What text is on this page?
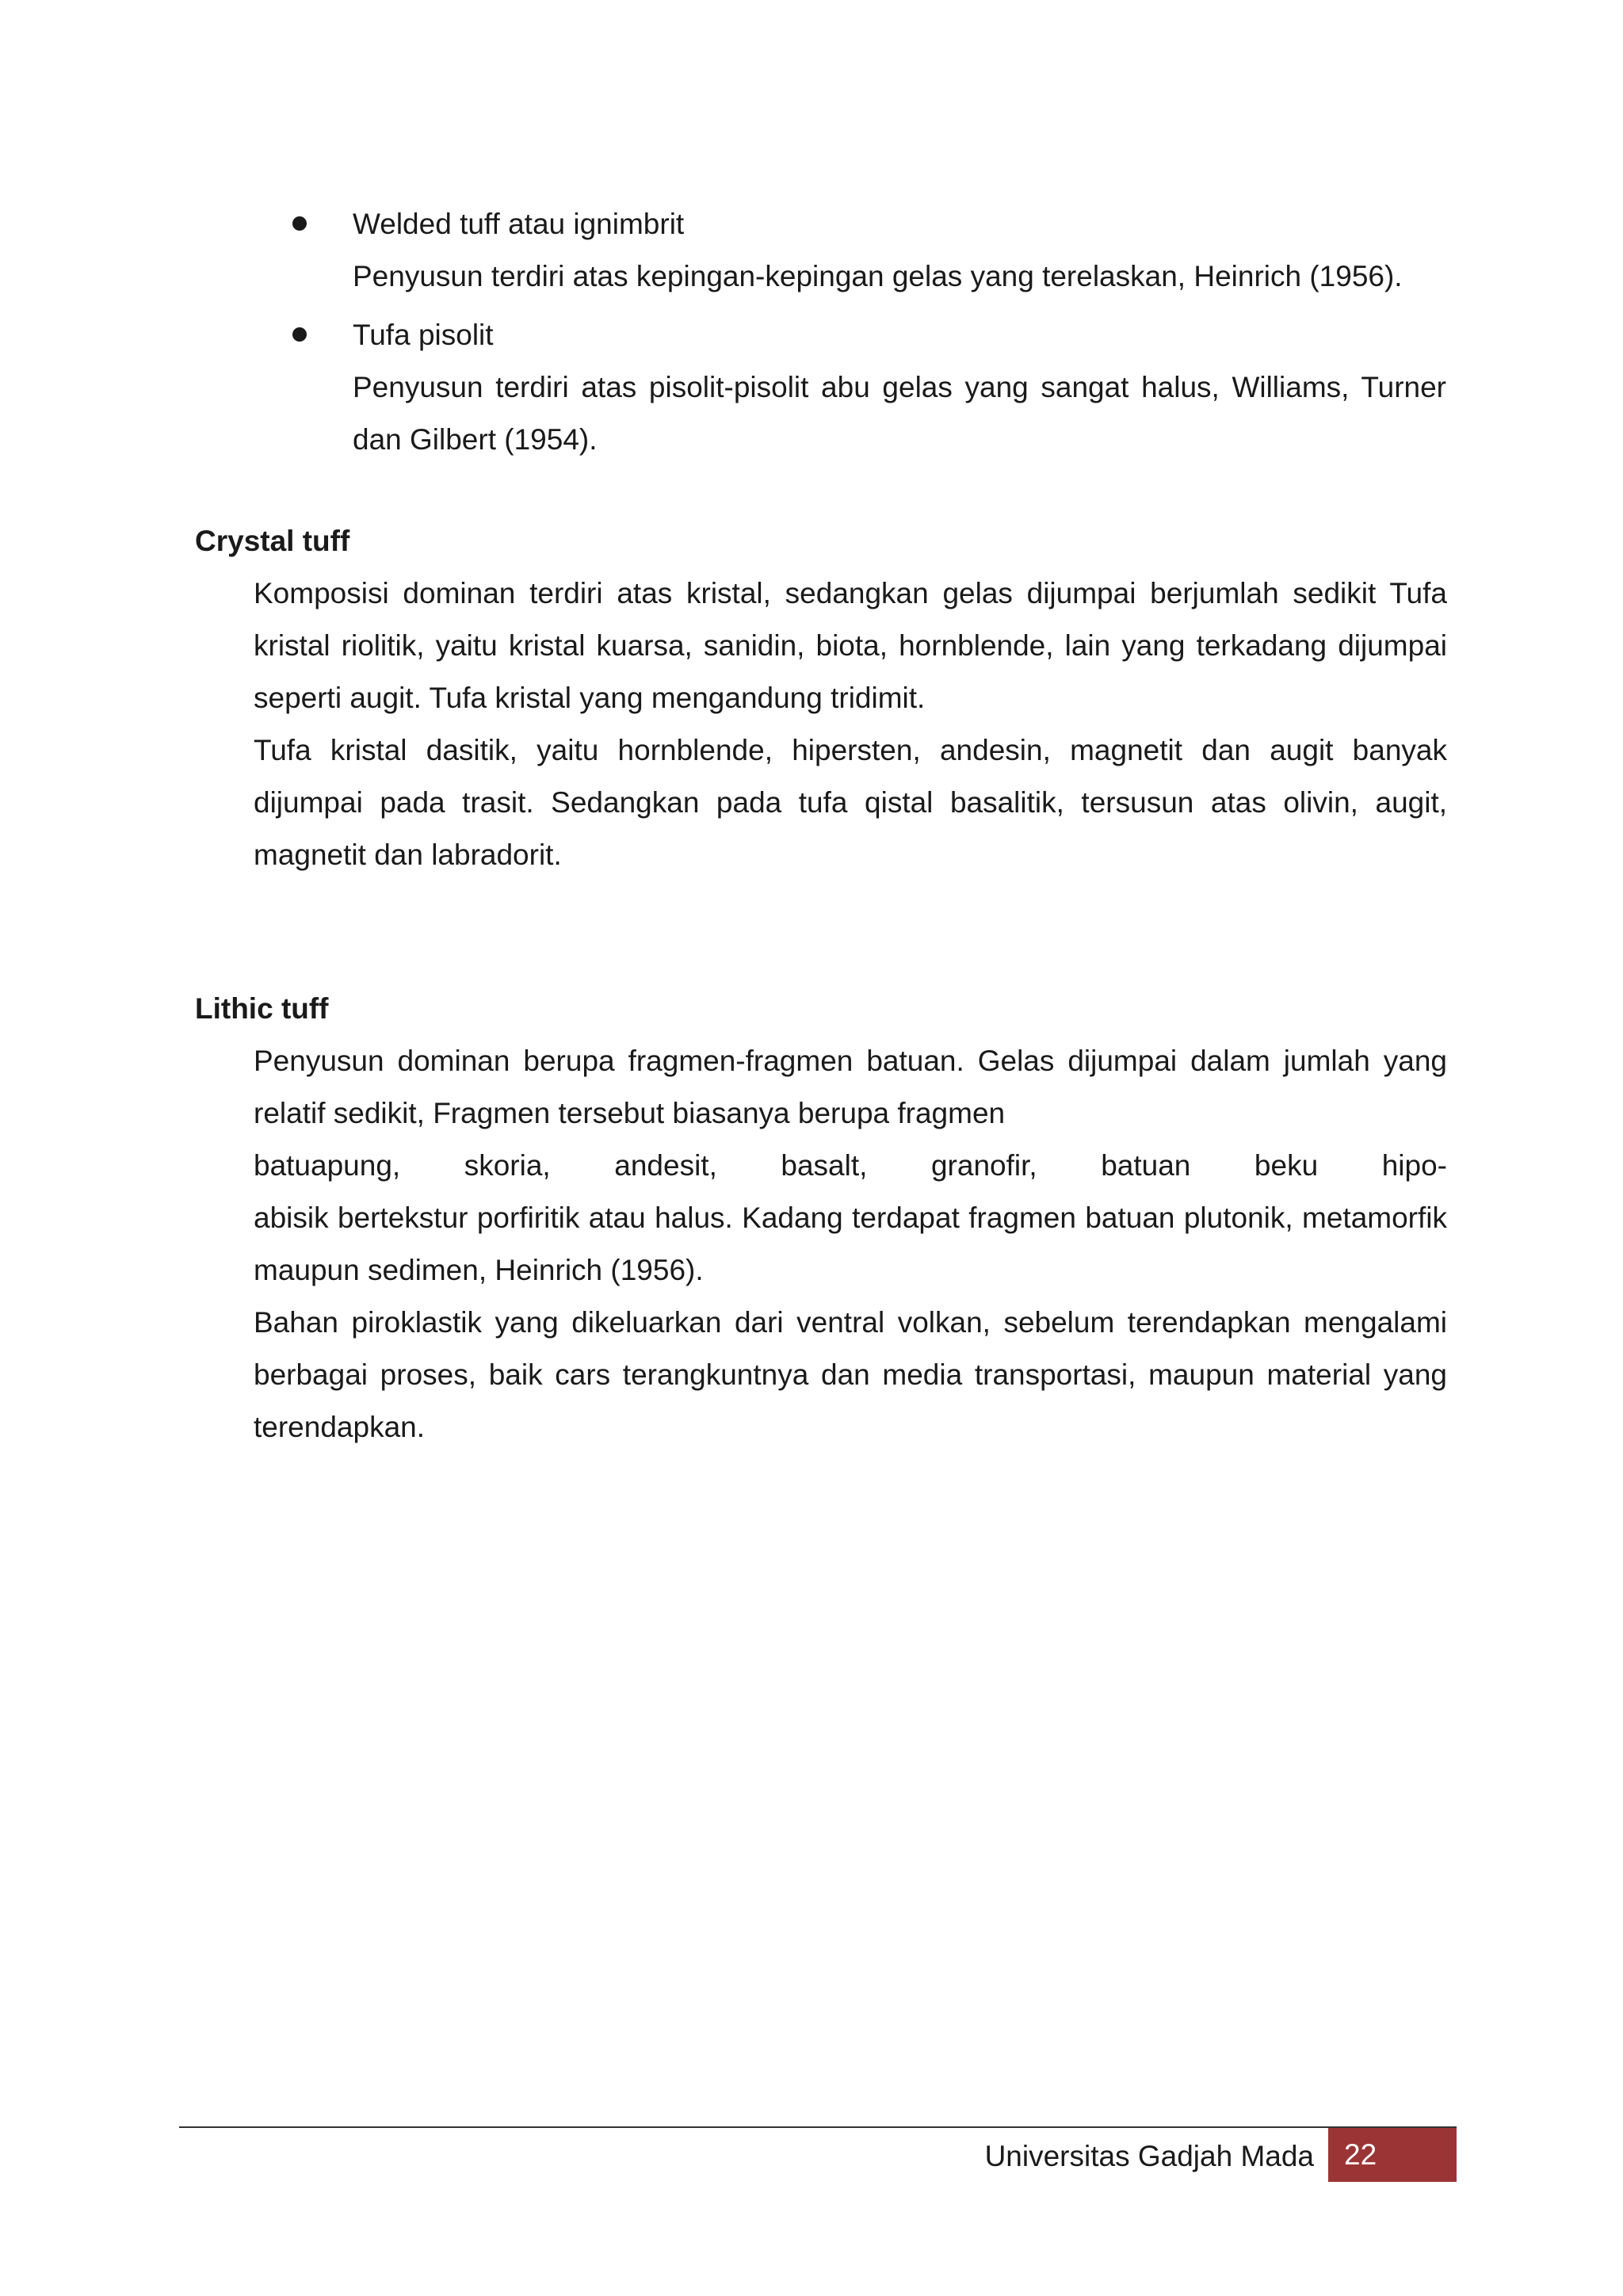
Welded tuff atau ignimbrit
Penyusun terdiri atas kepingan-kepingan gelas yang terelaskan, Heinrich (1956).
Tufa pisolit
Penyusun terdiri atas pisolit-pisolit abu gelas yang sangat halus, Williams, Turner dan Gilbert (1954).
Crystal tuff

Komposisi dominan terdiri atas kristal, sedangkan gelas dijumpai berjumlah sedikit Tufa kristal riolitik, yaitu kristal kuarsa, sanidin, biota, hornblende, lain yang terkadang dijumpai seperti augit. Tufa kristal yang mengandung tridimit.

Tufa kristal dasitik, yaitu hornblende, hipersten, andesin, magnetit dan augit banyak dijumpai pada trasit. Sedangkan pada tufa qistal basalitik, tersusun atas olivin, augit, magnetit dan labradorit.

Lithic tuff

Penyusun dominan berupa fragmen-fragmen batuan. Gelas dijumpai dalam jumlah yang relatif sedikit, Fragmen tersebut biasanya berupa fragmen

batuapung, skoria, andesit, basalt, granofir, batuan beku hipo-

abisik bertekstur porfiritik atau halus. Kadang terdapat fragmen batuan plutonik, metamorfik maupun sedimen, Heinrich (1956).

Bahan piroklastik yang dikeluarkan dari ventral volkan, sebelum terendapkan mengalami berbagai proses, baik cars terangkuntnya dan media transportasi, maupun material yang terendapkan.

Universitas Gadjah Mada	22
